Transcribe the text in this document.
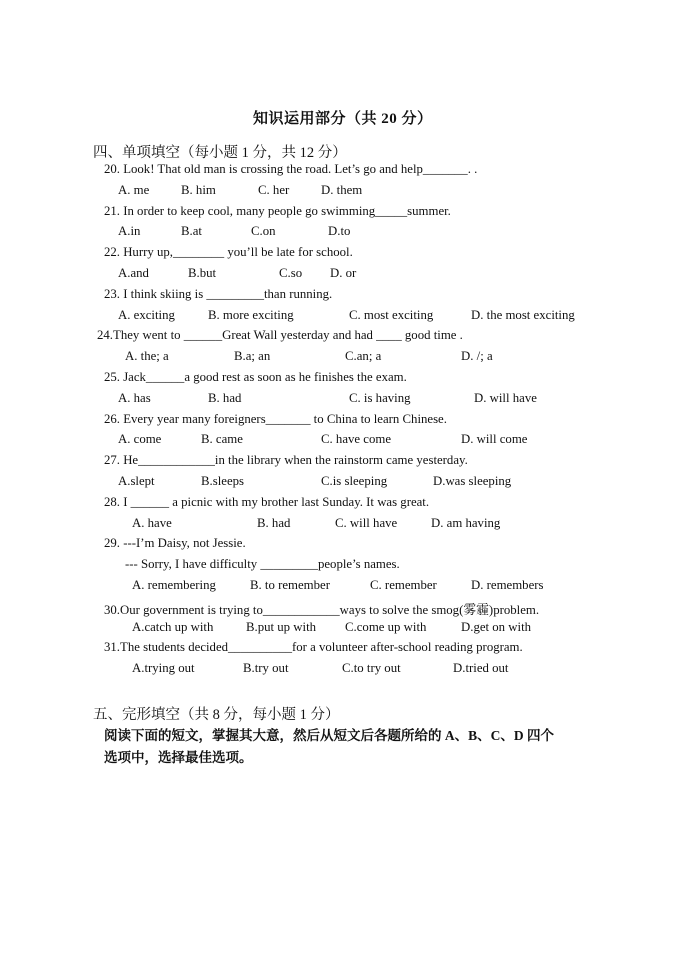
知识运用部分（共 20 分）
四、单项填空（每小题 1 分，共 12 分）
20. Look! That old man is crossing the road. Let’s go and help_______. .
A. me B. him	C. her D. them
21. In order to keep cool, many people go swimming_____summer.
A.in	B.at	C.on	D.to
22. Hurry up,________ you’ll be late for school.
A.and	B.but	C.so D. or
23. I think skiing is _________than running.
A. exciting	B. more exciting	C. most exciting	D. the most exciting
24.They went to ______Great Wall yesterday and had ____ good time .
A. the; a	B.a; an	C.an; a	D. /; a
25. Jack______a good rest as soon as he finishes the exam.
A. has	B. had	C. is having	D. will have
26. Every year many foreigners_______ to China to learn Chinese.
A. come	B. came	C. have come	D. will come
27. He____________in the library when the rainstorm came yesterday.
A.slept	B.sleeps	C.is sleeping	D.was sleeping
28. I ______ a picnic with my brother last Sunday. It was great.
A. have	B. had	C. will have	D. am having
29. ---I’m Daisy, not Jessie.
--- Sorry, I have difficulty _________people’s names.
A. remembering	B. to remember	C. remember	D. remembers
30.Our government is trying to____________ways to solve the smog(雾霾)problem.
A.catch up with	B.put up with C.come up with	D.get on with
31.The students decided__________for a volunteer after-school reading program.
A.trying out	B.try out	C.to try out	D.tried out
五、完形填空（共 8 分，每小题 1 分）
阅读下面的短文，掌握其大意，然后从短文后各题所给的 A、B、C、D 四个
选项中，选择最佳选项。
